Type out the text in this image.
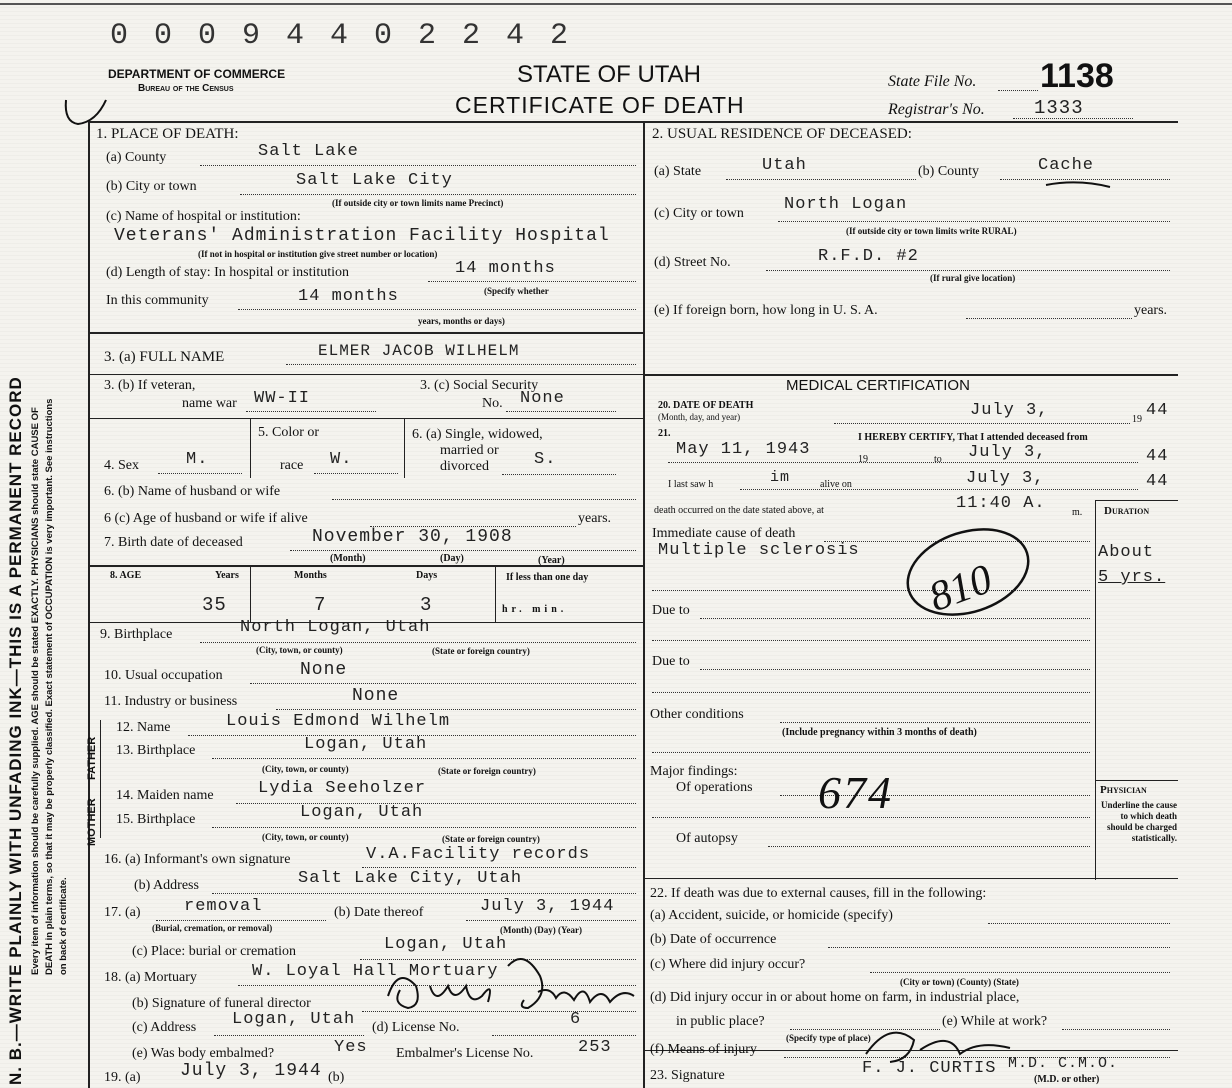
N. B.—WRITE PLAINLY WITH UNFADING INK—THIS IS A PERMANENT RECORD Every item of information should be carefully supplied. AGE should be stated EXACTLY. PHYSICIANS should state CAUSE OF DEATH in plain terms, so that it may be properly classified. Exact statement of OCCUPATION is very important. See instructions on back of certificate.
0 0 0 9 4 4 0 2 2 4 2
DEPARTMENT OF COMMERCE
Bureau of the Census
STATE OF UTAH
CERTIFICATE OF DEATH
State File No. 1138
Registrar's No.	1333
1. PLACE OF DEATH:
(a) County	Salt Lake
(b) City or town	Salt Lake City
(If outside city or town limits name Precinct)
(c) Name of hospital or institution:
Veterans' Administration Facility Hospital
(If not in hospital or institution give street number or location)
(d) Length of stay: In hospital or institution	14 months
(Specify whether
In this community	14 months
years, months or days)
2. USUAL RESIDENCE OF DECEASED:
(a) State	Utah	(b) County	Cache
(c) City or town North Logan
(If outside city or town limits write RURAL)
(d) Street No.	R.F.D. #2
(If rural give location)
(e) If foreign born, how long in U. S. A.	years.
3. (a) FULL NAME	ELMER JACOB WILHELM
3. (b) If veteran,
name war WW-II
3. (c) Social Security
No. None
5. Color or	6. (a) Single, widowed,
married or
4. Sex	M.	race W.	divorced	S.
6. (b) Name of husband or wife
6 (c) Age of husband or wife if alive	years.
7. Birth date of deceased	November 30, 1908
(Month)	(Day)	(Year)
8. AGE	Years	Months	Days	If less than one day
35	7	3	hr. min.
9. Birthplace	North Logan, Utah
(City, town, or county)	(State or foreign country)
10. Usual occupation	None
11. Industry or business	None
FATHER
MOTHER
12. Name	Louis Edmond Wilhelm
13. Birthplace	Logan, Utah
(City, town, or county)	(State or foreign country)
14. Maiden name	Lydia Seeholzer
15. Birthplace	Logan, Utah
(City, town, or county)	(State or foreign country)
16. (a) Informant's own signature	V.A.Facility records
(b) Address	Salt Lake City, Utah
17. (a)	removal
(Burial, cremation, or removal)
(b) Date thereof	July 3, 1944
(Month) (Day) (Year)
(c) Place: burial or cremation	Logan, Utah
18. (a) Mortuary	W. Loyal Hall Mortuary
(b) Signature of funeral director
(c) Address Logan, Utah (d) License No.	6
(e) Was body embalmed?	Yes Embalmer's License No.	253
19. (a) July 3, 1944 (b)
MEDICAL CERTIFICATION
20. DATE OF DEATH
(Month, day, and year)	July 3,	19 44
21.	I HEREBY CERTIFY, That I attended deceased from
May 11, 1943
19	to July 3,	44
I last saw h	im	alive on	July 3,	44
death occurred on the date stated above, at	11:40 A.	m. Duration
Immediate cause of death
Multiple sclerosis
810
About
5 yrs.
Due to
Due to
Other conditions
(Include pregnancy within 3 months of death)
Major findings:
Of operations 674
Of autopsy
Physician
Underline the cause to which death should be charged statistically.
22. If death was due to external causes, fill in the following:
(a) Accident, suicide, or homicide (specify)
(b) Date of occurrence
(c) Where did injury occur?
(City or town) (County) (State)
(d) Did injury occur in or about home on farm, in industrial place,
in public place?
(Specify type of place)
(e) While at work?
(f) Means of injury
23. Signature	F. J. CURTIS M.D. C.M.O.
(M.D. or other)
